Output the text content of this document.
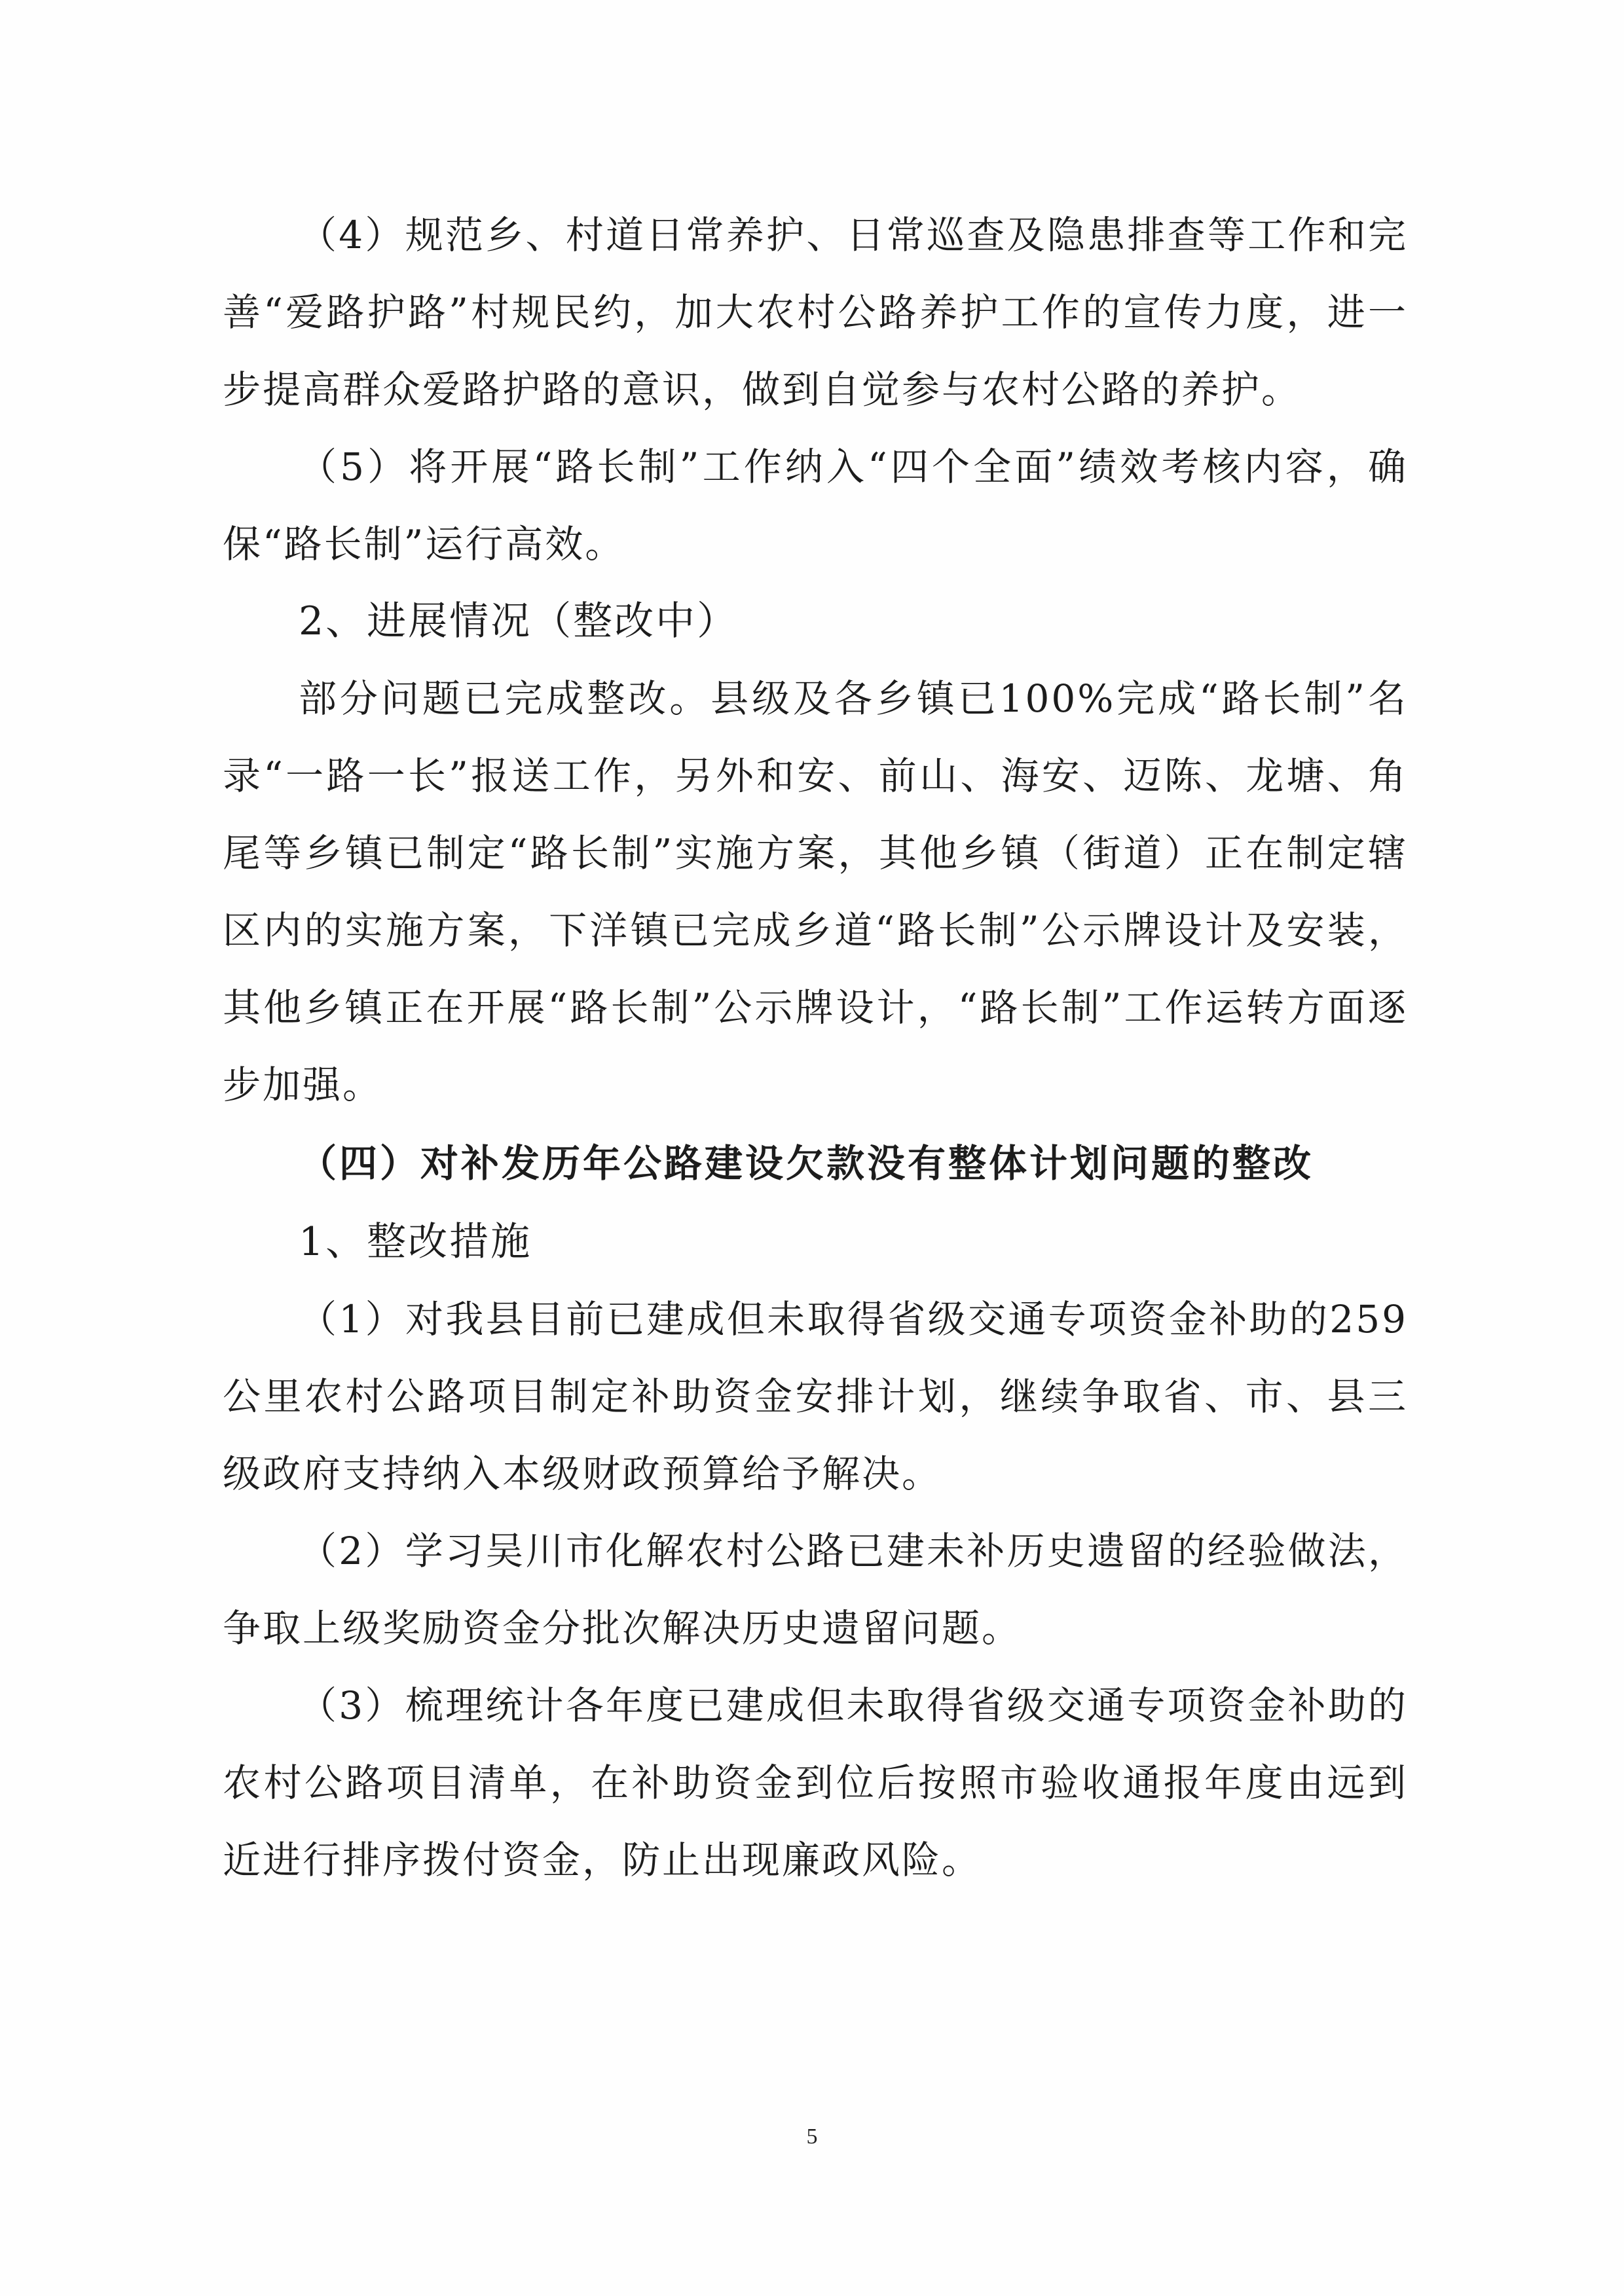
（4）规范乡、村道日常养护、日常巡查及隐患排查等工作和完善“爱路护路”村规民约，加大农村公路养护工作的宣传力度，进一步提高群众爱路护路的意识，做到自觉参与农村公路的养护。

（5）将开展“路长制”工作纳入“四个全面”绩效考核内容，确保“路长制”运行高效。

2、进展情况（整改中）

部分问题已完成整改。县级及各乡镇已100%完成“路长制”名录“一路一长”报送工作，另外和安、前山、海安、迈陈、龙塘、角尾等乡镇已制定“路长制”实施方案，其他乡镇（街道）正在制定辖区内的实施方案，下洋镇已完成乡道“路长制”公示牌设计及安装，其他乡镇正在开展“路长制”公示牌设计，“路长制”工作运转方面逐步加强。

（四）对补发历年公路建设欠款没有整体计划问题的整改

1、整改措施

（1）对我县目前已建成但未取得省级交通专项资金补助的259公里农村公路项目制定补助资金安排计划，继续争取省、市、县三级政府支持纳入本级财政预算给予解决。

（2）学习吴川市化解农村公路已建未补历史遗留的经验做法，争取上级奖励资金分批次解决历史遗留问题。

（3）梳理统计各年度已建成但未取得省级交通专项资金补助的农村公路项目清单，在补助资金到位后按照市验收通报年度由远到近进行排序拨付资金，防止出现廉政风险。

5
